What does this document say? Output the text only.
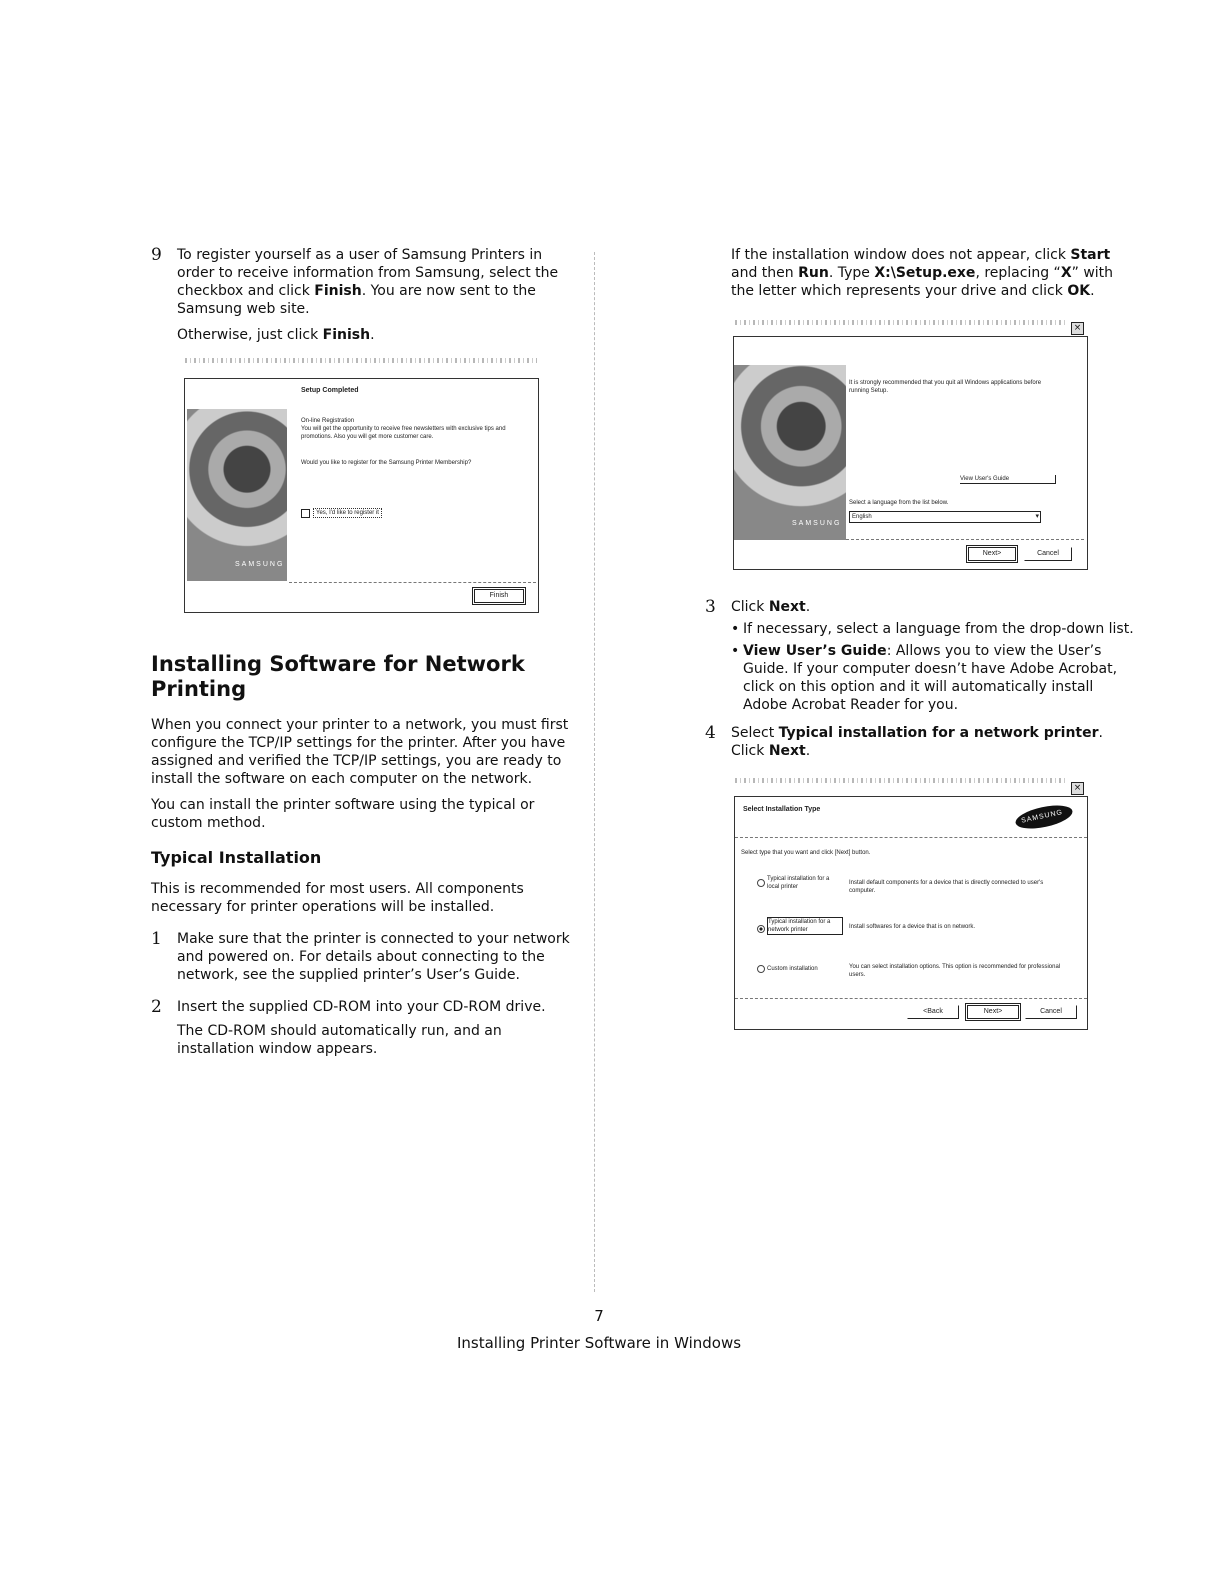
9 To register yourself as a user of Samsung Printers in order to receive information from Samsung, select the checkbox and click Finish. You are now sent to the Samsung web site.

Otherwise, just click Finish.

SAMSUNG
Setup Completed
On-line Registration
You will get the opportunity to receive free newsletters with exclusive tips and promotions. Also you will get more customer care.
Would you like to register for the Samsung Printer Membership?
Yes, I'd like to register it
Finish
Installing Software for Network Printing

When you connect your printer to a network, you must first configure the TCP/IP settings for the printer. After you have assigned and verified the TCP/IP settings, you are ready to install the software on each computer on the network.

You can install the printer software using the typical or custom method.

Typical Installation

This is recommended for most users. All components necessary for printer operations will be installed.

1 Make sure that the printer is connected to your network and powered on. For details about connecting to the network, see the supplied printer’s User’s Guide.

2 Insert the supplied CD-ROM into your CD-ROM drive.

The CD-ROM should automatically run, and an installation window appears.

If the installation window does not appear, click Start and then Run. Type X:\Setup.exe, replacing “X” with the letter which represents your drive and click OK.

×
SAMSUNG
It is strongly recommended that you quit all Windows applications before running Setup.
View User's Guide
Select a language from the list below.
English	▾
Next>	Cancel
3 Click Next.

• If necessary, select a language from the drop-down list.
• View User’s Guide: Allows you to view the User’s Guide. If your computer doesn’t have Adobe Acrobat, click on this option and it will automatically install Adobe Acrobat Reader for you.
4 Select Typical installation for a network printer. Click Next.

×
Select Installation Type	SAMSUNG
Select type that you want and click [Next] button.
Typical installation for a local printer
Install default components for a device that is directly connected to user's computer.
Typical installation for a network printer	Install softwares for a device that is on network.
Custom installation	You can select installation options. This option is recommended for professional users.
<Back	Next>	Cancel
7
Installing Printer Software in Windows
